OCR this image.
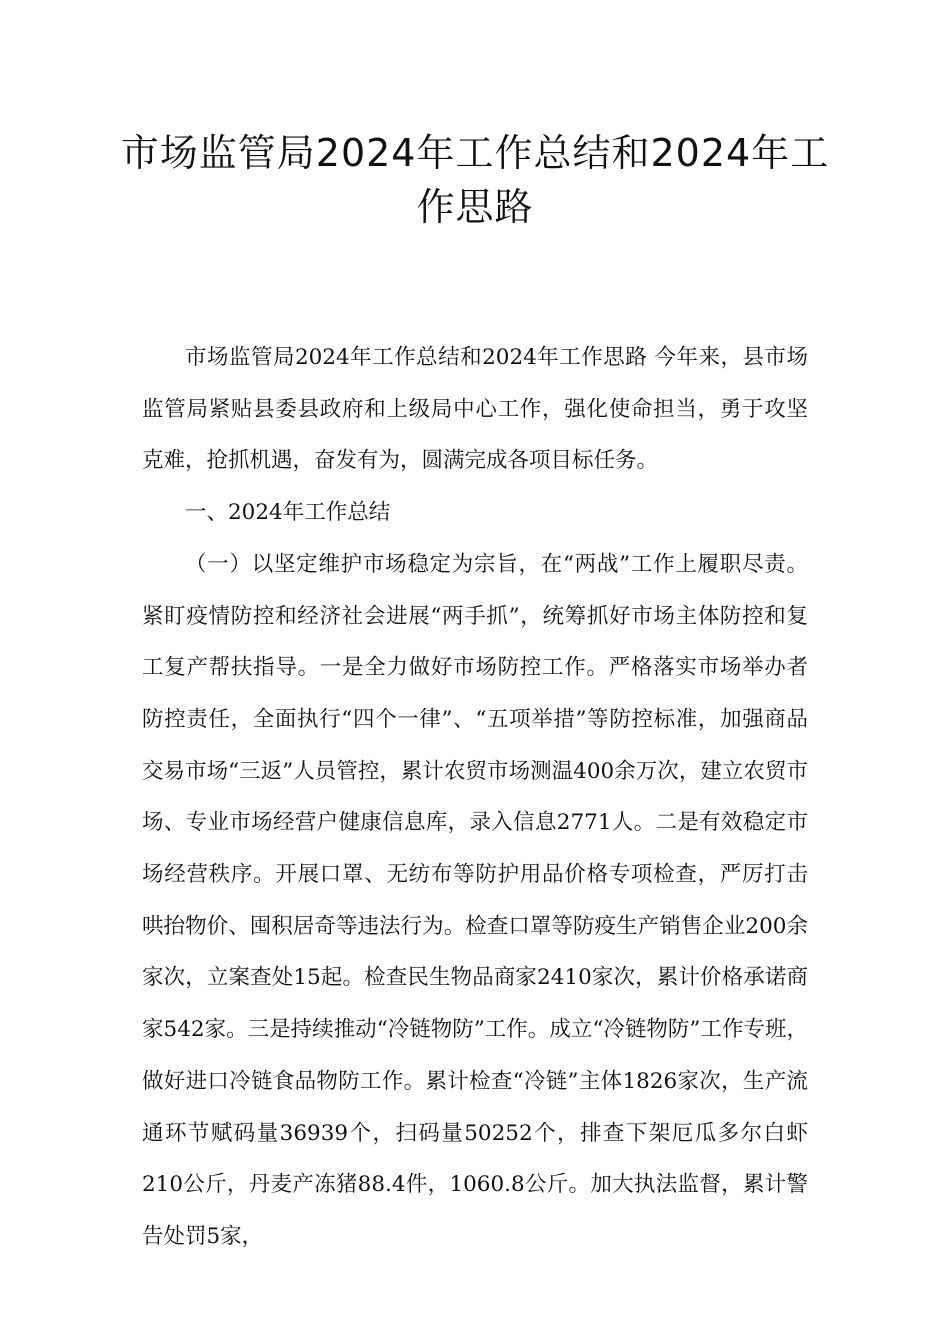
市场监管局2024年工作总结和2024年工作思路

市场监管局2024年工作总结和2024年工作思路 今年来，县市场监管局紧贴县委县政府和上级局中心工作，强化使命担当，勇于攻坚克难，抢抓机遇，奋发有为，圆满完成各项目标任务。

一、2024年工作总结

（一）以坚定维护市场稳定为宗旨，在“两战”工作上履职尽责。紧盯疫情防控和经济社会进展“两手抓”，统筹抓好市场主体防控和复工复产帮扶指导。一是全力做好市场防控工作。严格落实市场举办者防控责任，全面执行“四个一律”、“五项举措”等防控标准，加强商品交易市场“三返”人员管控，累计农贸市场测温400余万次，建立农贸市场、专业市场经营户健康信息库，录入信息2771人。二是有效稳定市场经营秩序。开展口罩、无纺布等防护用品价格专项检查，严厉打击哄抬物价、囤积居奇等违法行为。检查口罩等防疫生产销售企业200余家次，立案查处15起。检查民生物品商家2410家次，累计价格承诺商家542家。三是持续推动“冷链物防”工作。成立“冷链物防”工作专班，做好进口冷链食品物防工作。累计检查“冷链”主体1826家次，生产流通环节赋码量36939个，扫码量50252个，排查下架厄瓜多尔白虾210公斤，丹麦产冻猪88.4件，1060.8公斤。加大执法监督，累计警告处罚5家，
